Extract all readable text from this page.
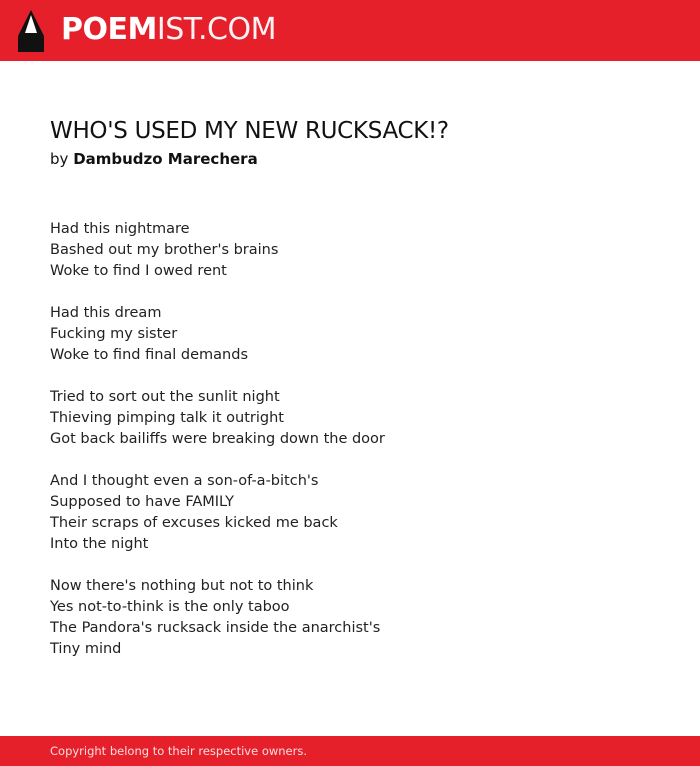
POEMIST.COM
WHO'S USED MY NEW RUCKSACK!?
by Dambudzo Marechera
Had this nightmare
Bashed out my brother's brains
Woke to find I owed rent
Had this dream
Fucking my sister
Woke to find final demands
Tried to sort out the sunlit night
Thieving pimping talk it outright
Got back bailiffs were breaking down the door
And I thought even a son-of-a-bitch's
Supposed to have FAMILY
Their scraps of excuses kicked me back
Into the night
Now there's nothing but not to think
Yes not-to-think is the only taboo
The Pandora's rucksack inside the anarchist's
Tiny mind
Copyright belong to their respective owners.
